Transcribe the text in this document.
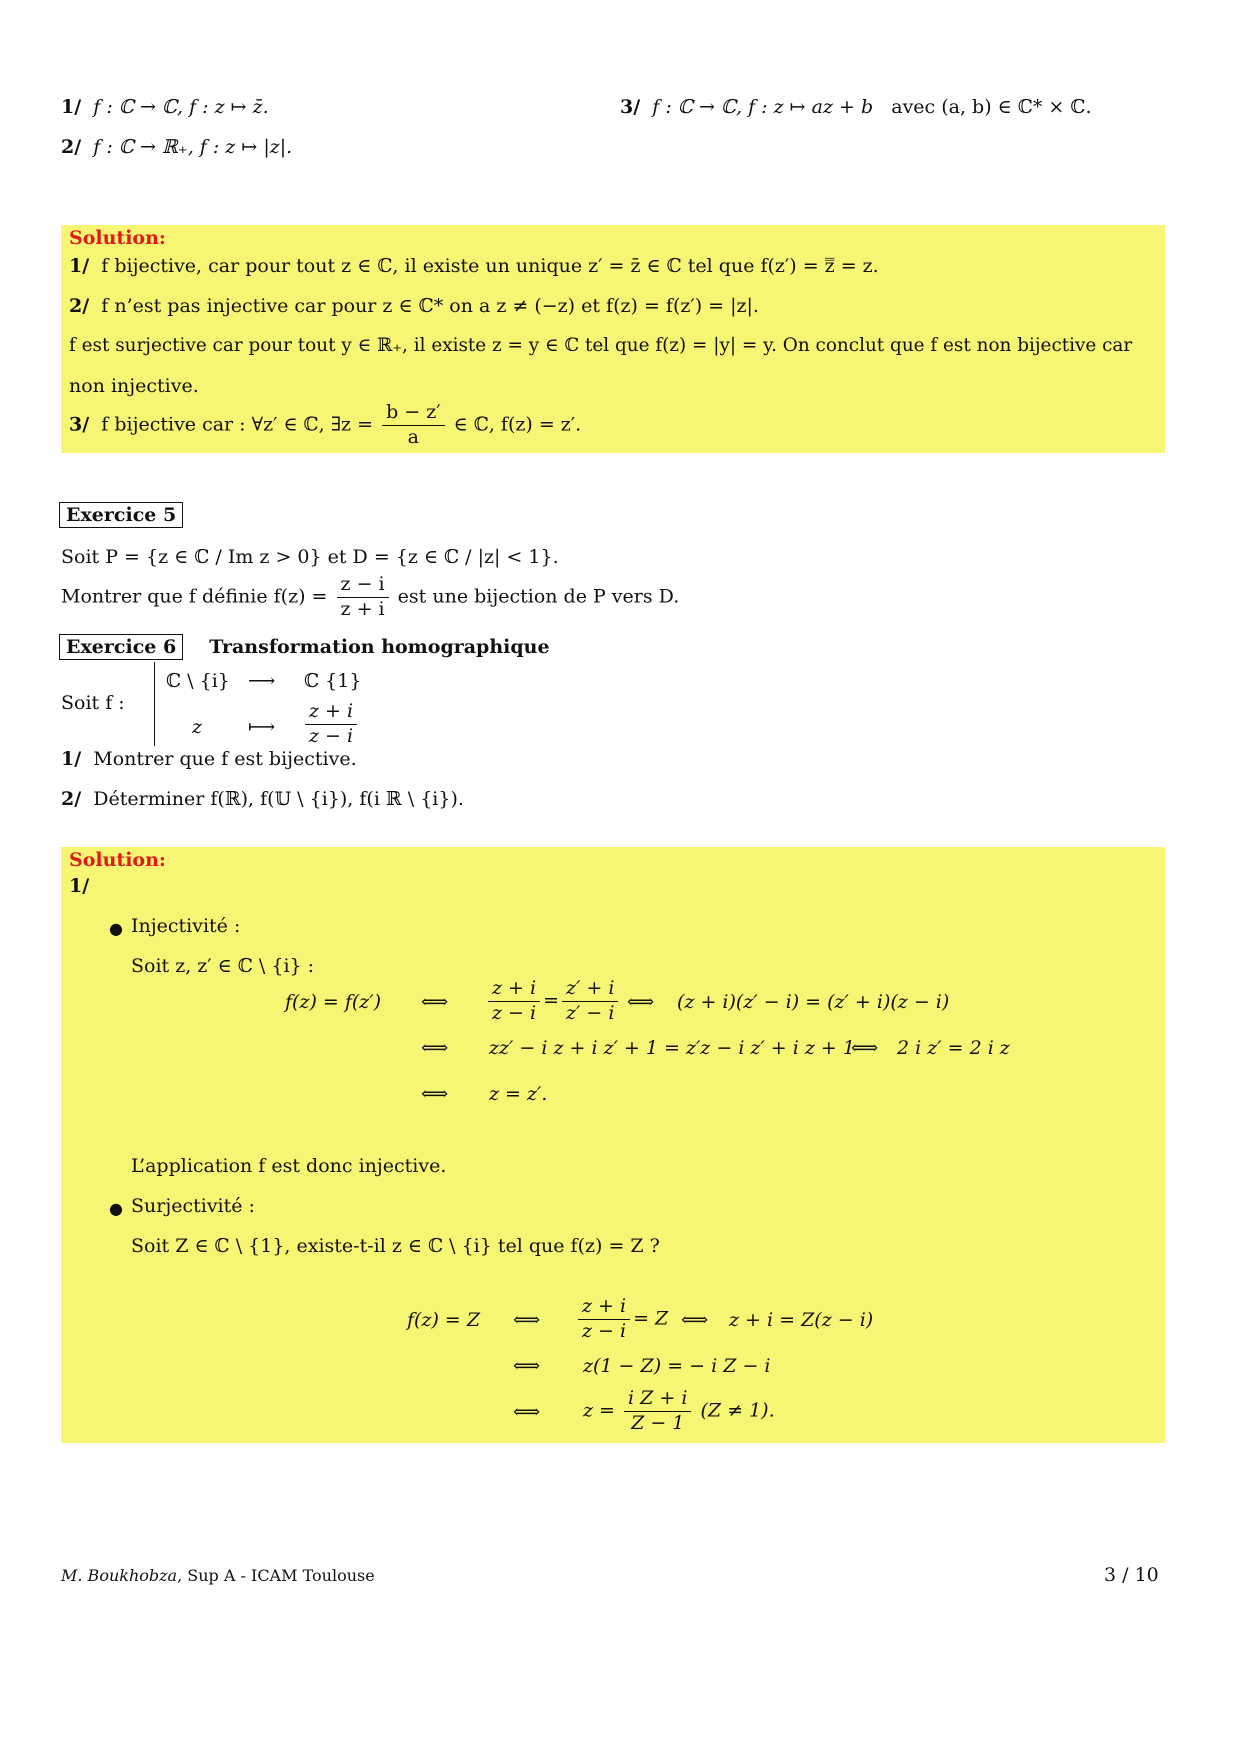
1/ f : ℂ → ℂ, f : z ↦ z̄.
2/ f : ℂ → ℝ₊, f : z ↦ |z|.
3/ f : ℂ → ℂ, f : z ↦ az + b avec (a, b) ∈ ℂ* × ℂ.
Solution:
1/ f bijective, car pour tout z ∈ ℂ, il existe un unique z′ = z̄ ∈ ℂ tel que f(z′) = z̿ = z.
2/ f n’est pas injective car pour z ∈ ℂ* on a z ≠ (−z) et f(z) = f(z′) = |z|.
f est surjective car pour tout y ∈ ℝ₊, il existe z = y ∈ ℂ tel que f(z) = |y| = y. On conclut que f est non bijective car
non injective.
3/ f bijective car : ∀z′ ∈ ℂ, ∃z = $\frac{b - z'}{a}$ ∈ ℂ, f(z) = z′.
Exercice 5
Soit P = {z ∈ ℂ / Im z > 0} et D = {z ∈ ℂ / |z| < 1}.
Montrer que f définie $f(z) = \frac{z - i}{z + i}$ est une bijection de P vers D.
Exercice 6 Transformation homographique
Soit f :
ℂ \ {i} ⟶ ℂ {1}
z ⟼ $\frac{z + i}{z - i}$
1/ Montrer que f est bijective.
2/ Déterminer f(ℝ), f(𝕌 \ {i}), f(i ℝ \ {i}).
Solution:
1/
● Injectivité :
Soit z, z′ ∈ ℂ \ {i} :
f(z) = f(z′) ⟺ $\frac{z + i}{z - i} = \frac{z' + i}{z' - i}$ ⟺ (z + i)(z′ − i) = (z′ + i)(z − i)
⟺ zz′ − i z + i z′ + 1 = z′z − i z′ + i z + 1
⟺ 2 i z′ = 2 i z
⟺ z = z′.
L’application f est donc injective.
● Surjectivité :
Soit Z ∈ ℂ \ {1}, existe-t-il z ∈ ℂ \ {i} tel que f(z) = Z ?
f(z) = Z ⟺ $\frac{z + i}{z - i} = Z$ ⟺ z + i = Z(z − i)
⟺ z(1 − Z) = − i Z − i
⟺ $z = \frac{\text{i Z + i}}{Z - 1} (Z \ne 1)$.
M. Boukhobza, Sup A - ICAM Toulouse	3 / 10
